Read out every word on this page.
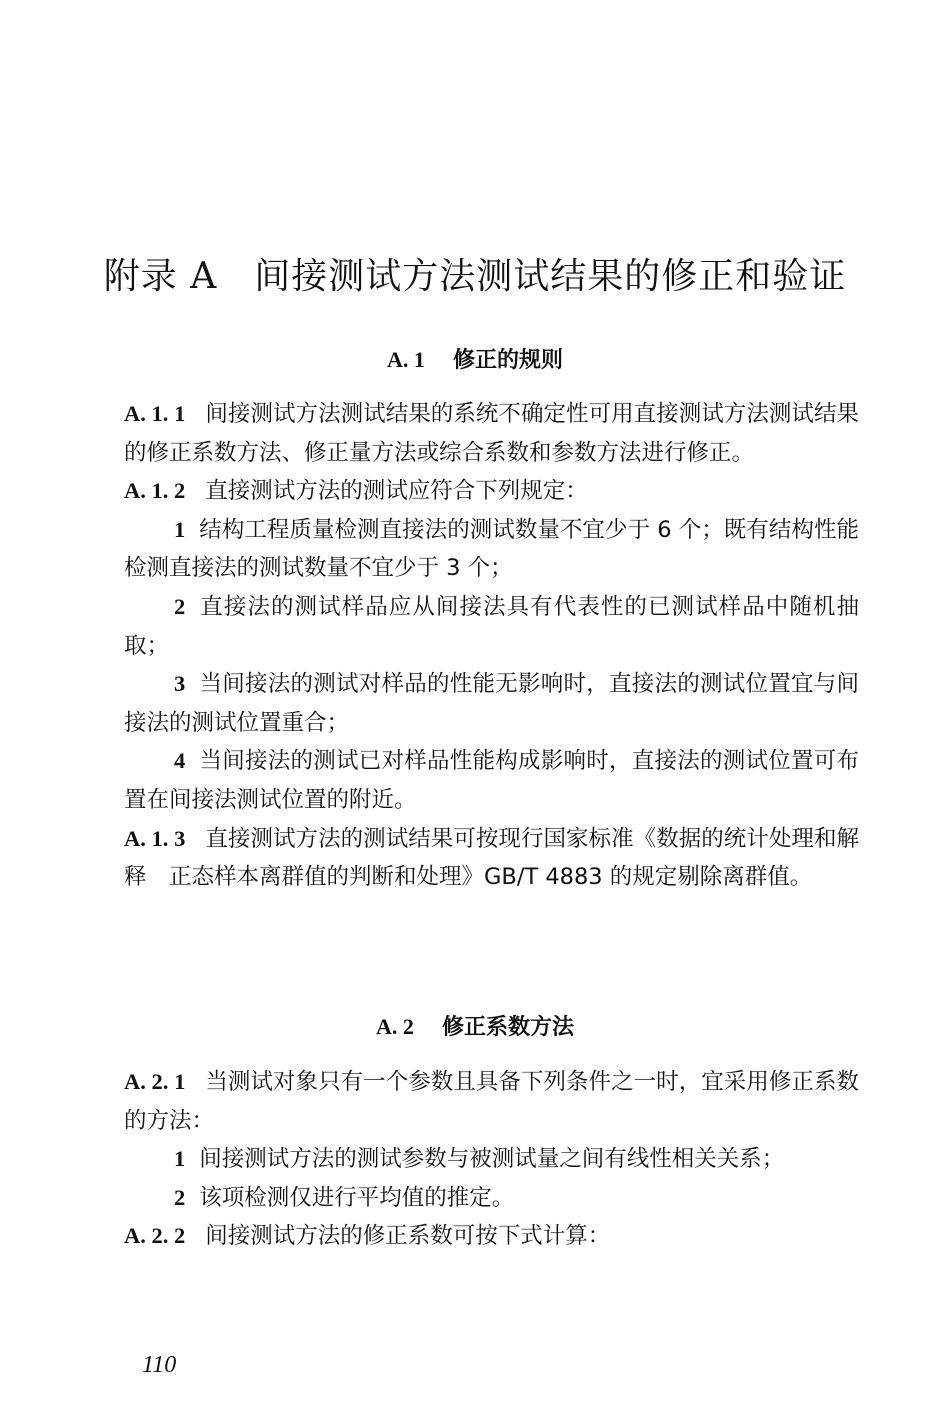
附录 A　间接测试方法测试结果的修正和验证
A. 1 修正的规则

A. 1. 1 间接测试方法测试结果的系统不确定性可用直接测试方法测试结果的修正系数方法、修正量方法或综合系数和参数方法进行修正。

A. 1. 2 直接测试方法的测试应符合下列规定：

1 结构工程质量检测直接法的测试数量不宜少于 6 个；既有结构性能检测直接法的测试数量不宜少于 3 个；

2 直接法的测试样品应从间接法具有代表性的已测试样品中随机抽取；

3 当间接法的测试对样品的性能无影响时，直接法的测试位置宜与间接法的测试位置重合；

4 当间接法的测试已对样品性能构成影响时，直接法的测试位置可布置在间接法测试位置的附近。

A. 1. 3 直接测试方法的测试结果可按现行国家标准《数据的统计处理和解释　正态样本离群值的判断和处理》GB/T 4883 的规定剔除离群值。

A. 2 修正系数方法

A. 2. 1 当测试对象只有一个参数且具备下列条件之一时，宜采用修正系数的方法：

1 间接测试方法的测试参数与被测试量之间有线性相关关系；

2 该项检测仅进行平均值的推定。

A. 2. 2 间接测试方法的修正系数可按下式计算：

110
